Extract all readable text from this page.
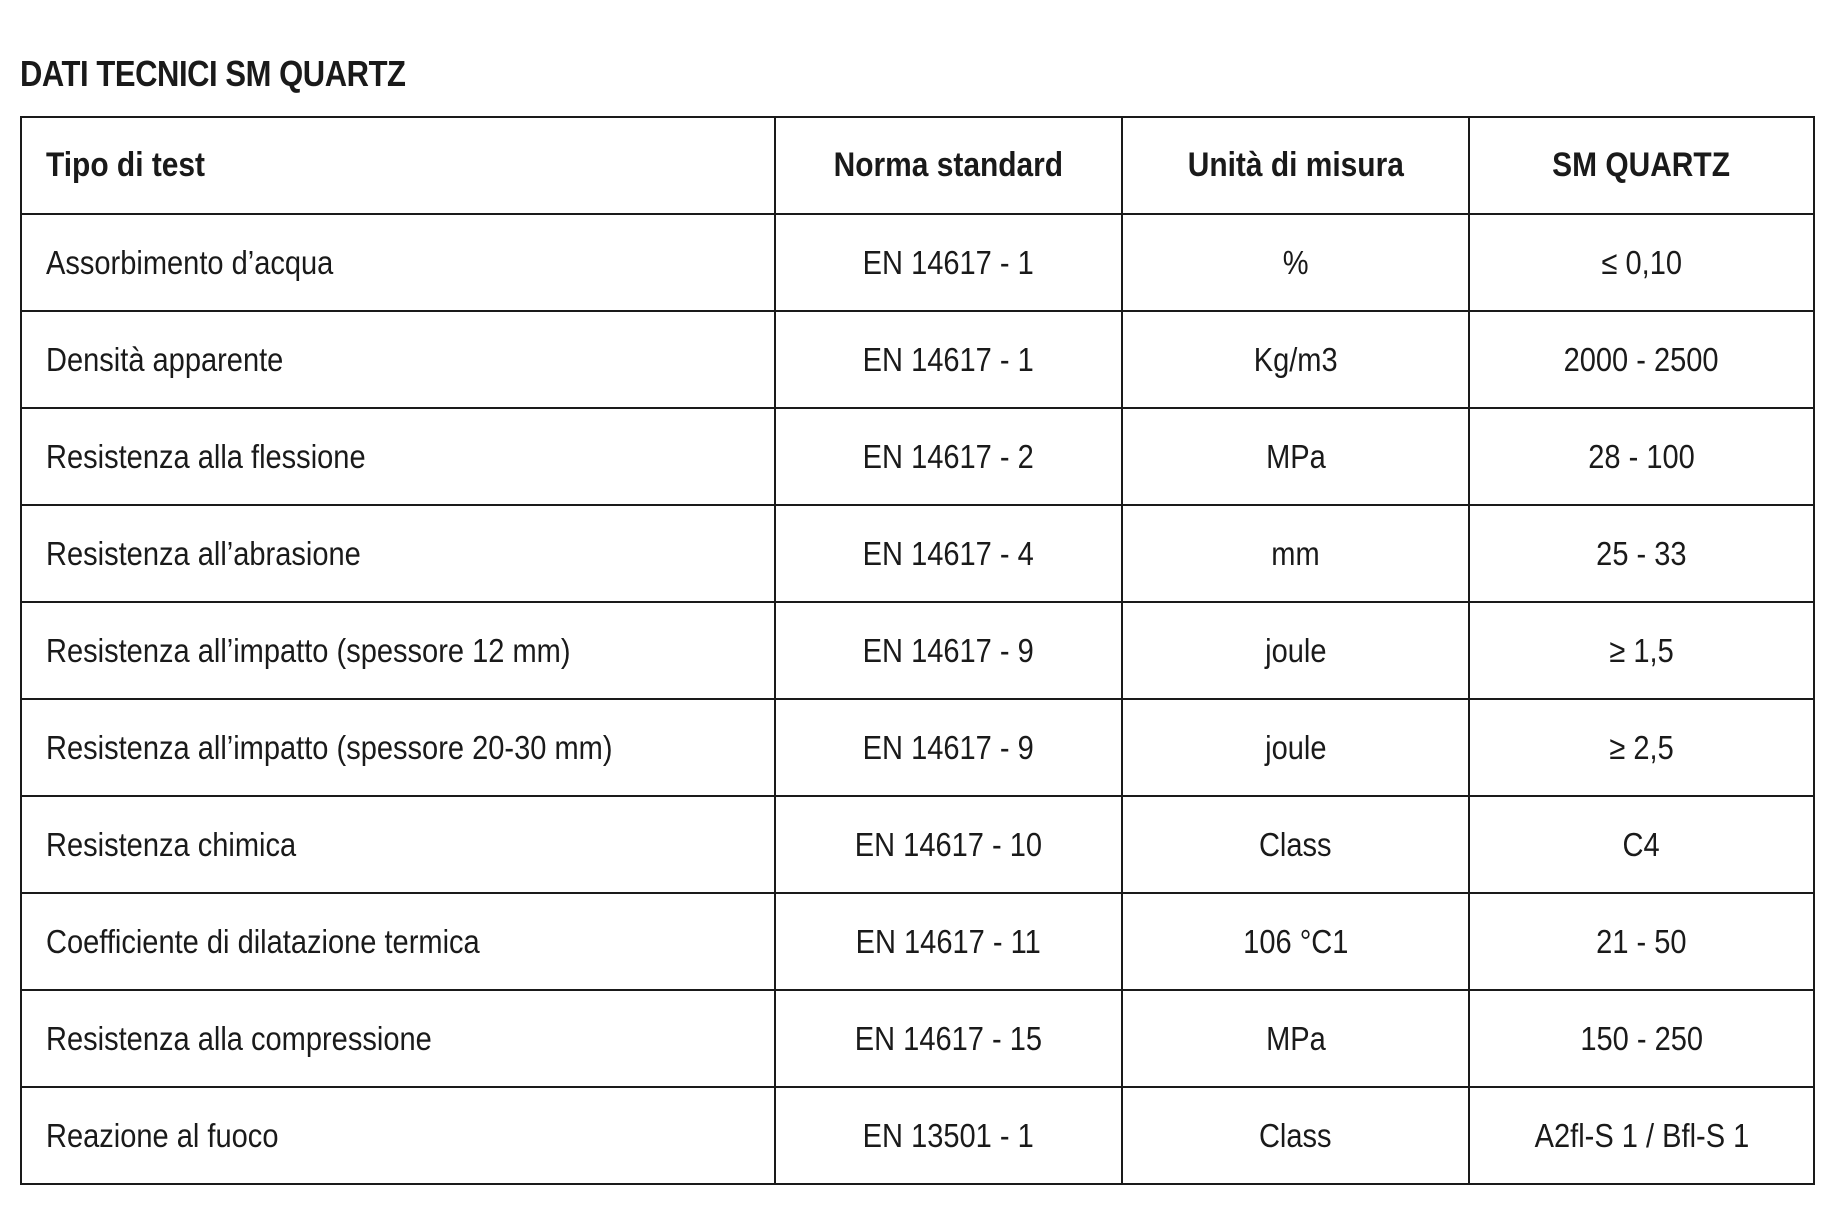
DATI TECNICI SM QUARTZ
Tipo di test	Norma standard	Unità di misura	SM QUARTZ
Assorbimento d’acqua	EN 14617 - 1	%	≤ 0,10
Densità apparente	EN 14617 - 1	Kg/m3	2000 - 2500
Resistenza alla flessione	EN 14617 - 2	MPa	28 - 100
Resistenza all’abrasione	EN 14617 - 4	mm	25 - 33
Resistenza all’impatto (spessore 12 mm)	EN 14617 - 9	joule	≥ 1,5
Resistenza all’impatto (spessore 20-30 mm)	EN 14617 - 9	joule	≥ 2,5
Resistenza chimica	EN 14617 - 10	Class	C4
Coefficiente di dilatazione termica	EN 14617 - 11	106 °C1	21 - 50
Resistenza alla compressione	EN 14617 - 15	MPa	150 - 250
Reazione al fuoco	EN 13501 - 1	Class	A2fl-S 1 / Bfl-S 1
